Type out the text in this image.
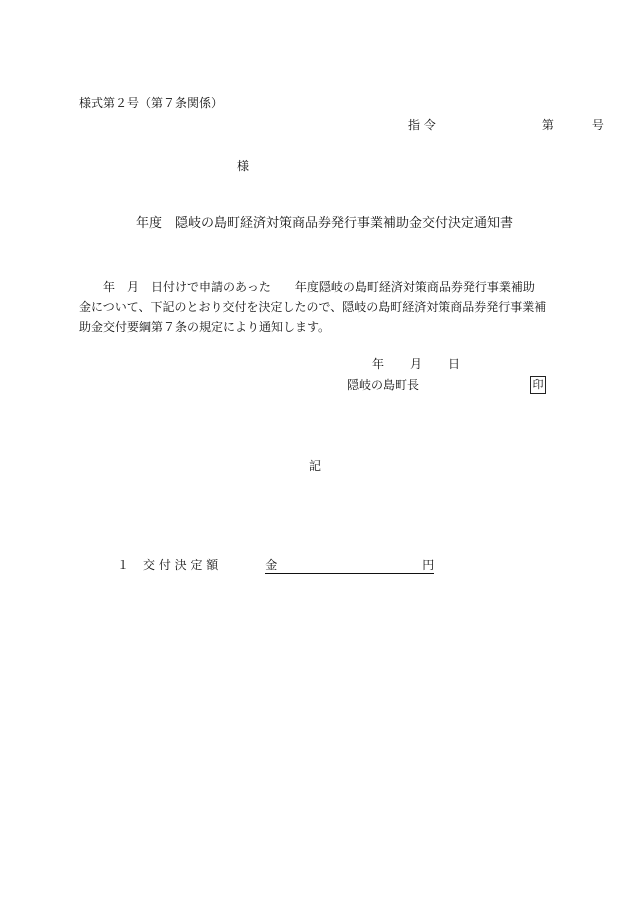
様式第２号（第７条関係）
指 令	第	号
様
年度　隠岐の島町経済対策商品券発行事業補助金交付決定通知書

年　月　日付けで申請のあった　　年度隠岐の島町経済対策商品券発行事業補助

金について、下記のとおり交付を決定したので、隠岐の島町経済対策商品券発行事業補

助金交付要綱第７条の規定により通知します。

年 月 日
隠岐の島町長	印
記
１ 交 付 決 定 額	金	円
